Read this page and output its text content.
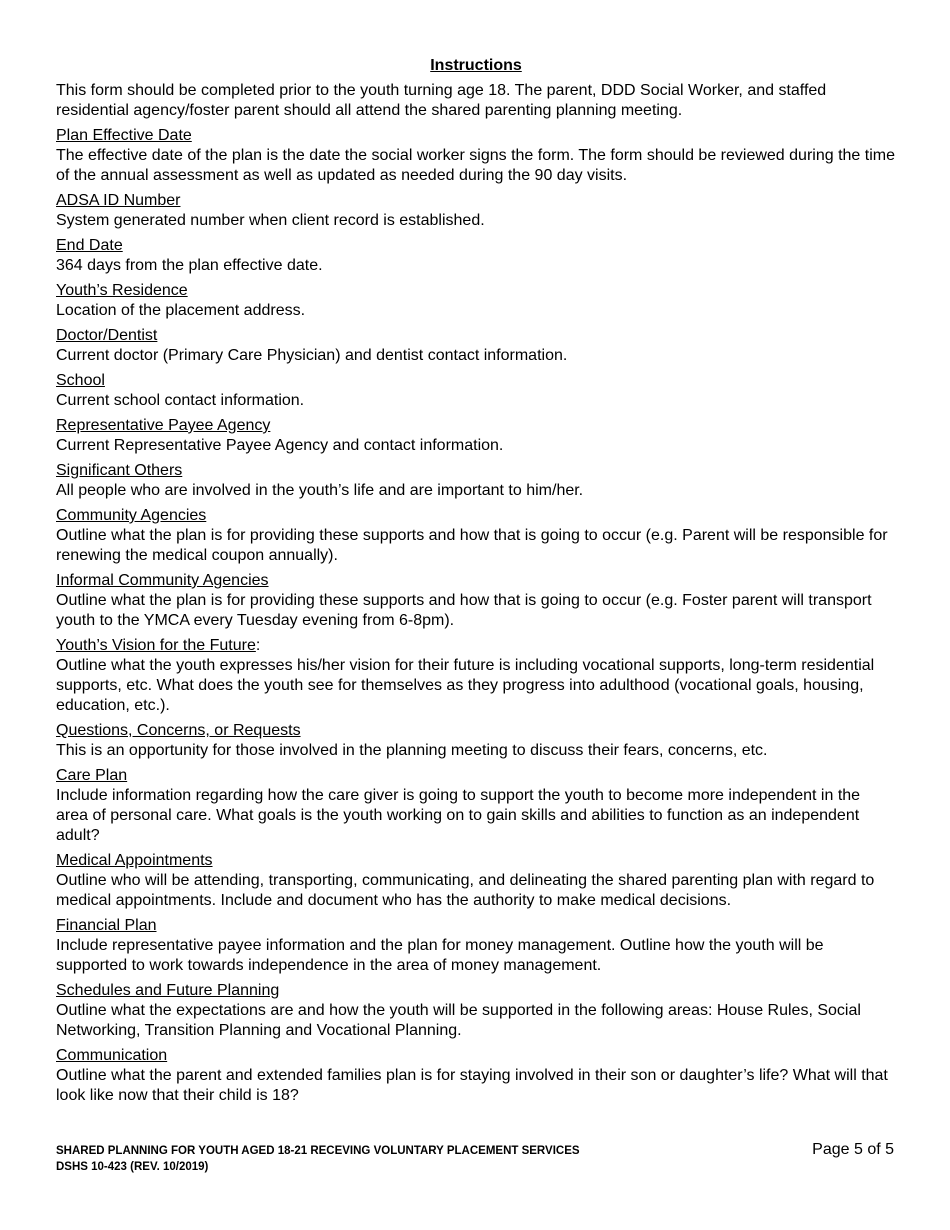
Instructions

This form should be completed prior to the youth turning age 18. The parent, DDD Social Worker, and staffed residential agency/foster parent should all attend the shared parenting planning meeting.

Plan Effective Date

The effective date of the plan is the date the social worker signs the form. The form should be reviewed during the time of the annual assessment as well as updated as needed during the 90 day visits.

ADSA ID Number

System generated number when client record is established.

End Date

364 days from the plan effective date.

Youth’s Residence

Location of the placement address.

Doctor/Dentist

Current doctor (Primary Care Physician) and dentist contact information.

School

Current school contact information.

Representative Payee Agency

Current Representative Payee Agency and contact information.

Significant Others

All people who are involved in the youth’s life and are important to him/her.

Community Agencies

Outline what the plan is for providing these supports and how that is going to occur (e.g. Parent will be responsible for renewing the medical coupon annually).

Informal Community Agencies

Outline what the plan is for providing these supports and how that is going to occur (e.g. Foster parent will transport youth to the YMCA every Tuesday evening from 6-8pm).

Youth’s Vision for the Future:

Outline what the youth expresses his/her vision for their future is including vocational supports, long-term residential supports, etc. What does the youth see for themselves as they progress into adulthood (vocational goals, housing, education, etc.).

Questions, Concerns, or Requests

This is an opportunity for those involved in the planning meeting to discuss their fears, concerns, etc.

Care Plan

Include information regarding how the care giver is going to support the youth to become more independent in the area of personal care. What goals is the youth working on to gain skills and abilities to function as an independent adult?

Medical Appointments

Outline who will be attending, transporting, communicating, and delineating the shared parenting plan with regard to medical appointments. Include and document who has the authority to make medical decisions.

Financial Plan

Include representative payee information and the plan for money management. Outline how the youth will be supported to work towards independence in the area of money management.

Schedules and Future Planning

Outline what the expectations are and how the youth will be supported in the following areas: House Rules, Social Networking, Transition Planning and Vocational Planning.

Communication

Outline what the parent and extended families plan is for staying involved in their son or daughter’s life? What will that look like now that their child is 18?

SHARED PLANNING FOR YOUTH AGED 18-21 RECEVING VOLUNTARY PLACEMENT SERVICES
DSHS 10-423 (REV. 10/2019)
Page 5 of 5
